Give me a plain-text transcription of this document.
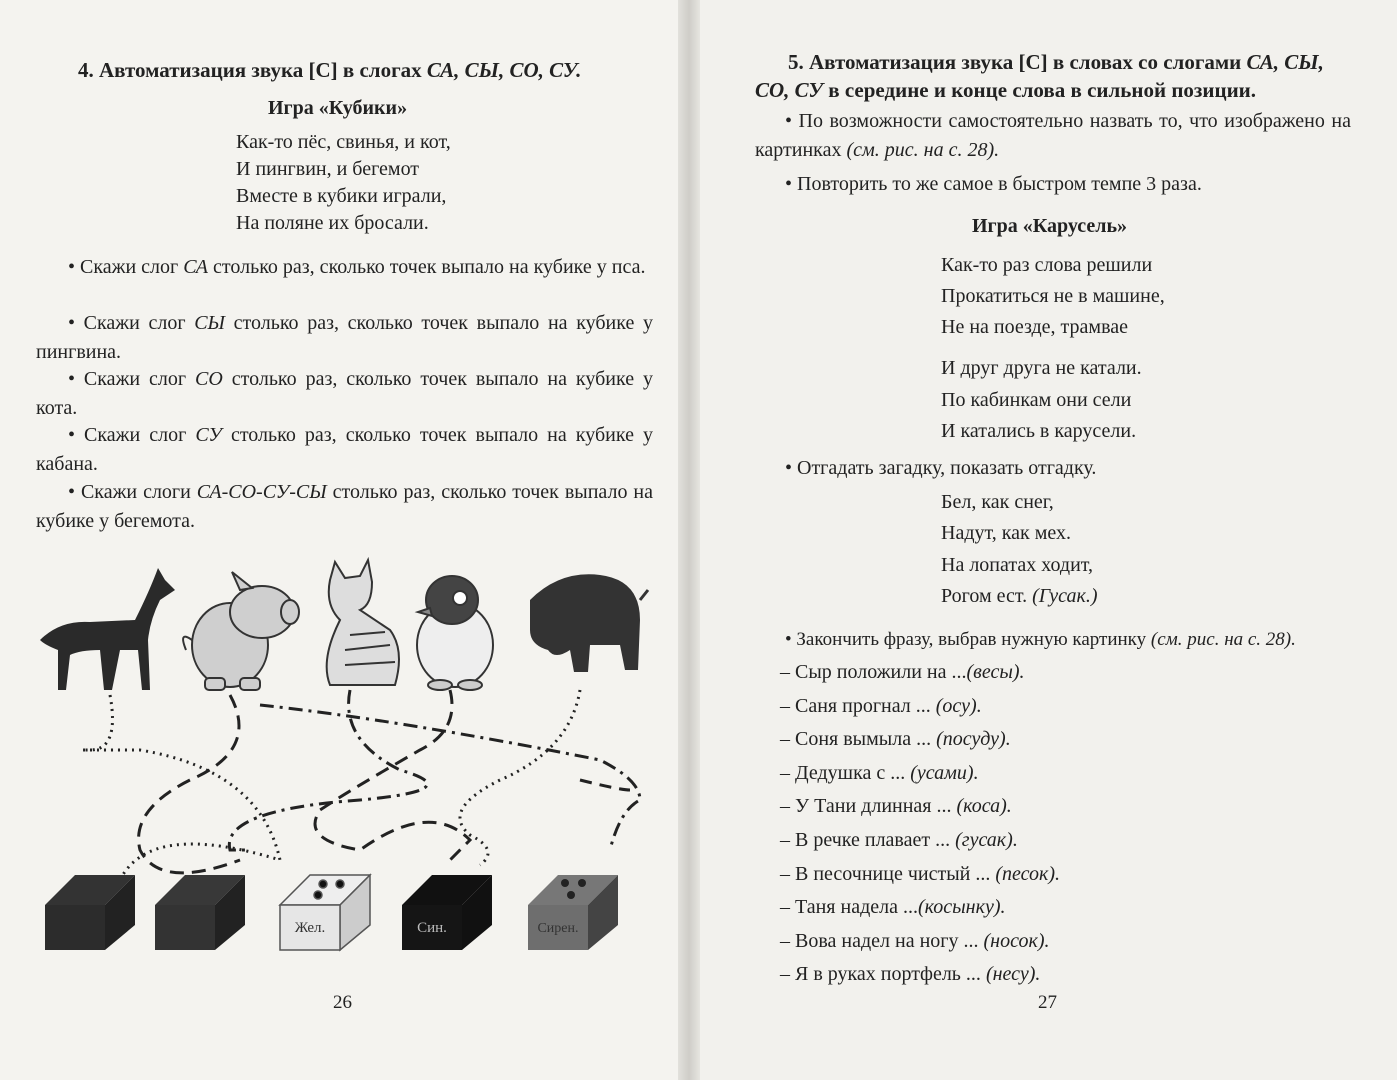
4. Автоматизация звука [С] в слогах СА, СЫ, СО, СУ.
Игра «Кубики»
Как-то пёс, свинья, и кот,
И пингвин, и бегемот
Вместе в кубики играли,
На поляне их бросали.
• Скажи слог СА столько раз, сколько точек выпало на кубике у пса.
• Скажи слог СЫ столько раз, сколько точек выпало на кубике у пингвина.
• Скажи слог СО столько раз, сколько точек выпало на кубике у кота.
• Скажи слог СУ столько раз, сколько точек выпало на кубике у кабана.
• Скажи слоги СА-СО-СУ-СЫ столько раз, сколько точек выпало на кубике у бегемота.
Жел.	Син.	Сирен.
26
5. Автоматизация звука [С] в словах со слогами СА, СЫ,
СО, СУ в середине и конце слова в сильной позиции.
• По возможности самостоятельно назвать то, что изображено на картинках (см. рис. на с. 28).
• Повторить то же самое в быстром темпе 3 раза.
Игра «Карусель»
Как-то раз слова решили
Прокатиться не в машине,
Не на поезде, трамвае
И друг друга не катали.
По кабинкам они сели
И катались в карусели.
• Отгадать загадку, показать отгадку.
Бел, как снег,
Надут, как мех.
На лопатах ходит,
Рогом ест. (Гусак.)
• Закончить фразу, выбрав нужную картинку (см. рис. на с. 28).
– Сыр положили на ...(весы).
– Саня прогнал ... (осу).
– Соня вымыла ... (посуду).
– Дедушка с ... (усами).
– У Тани длинная ... (коса).
– В речке плавает ... (гусак).
– В песочнице чистый ... (песок).
– Таня надела ...(косынку).
– Вова надел на ногу ... (носок).
– Я в руках портфель ... (несу).
27
